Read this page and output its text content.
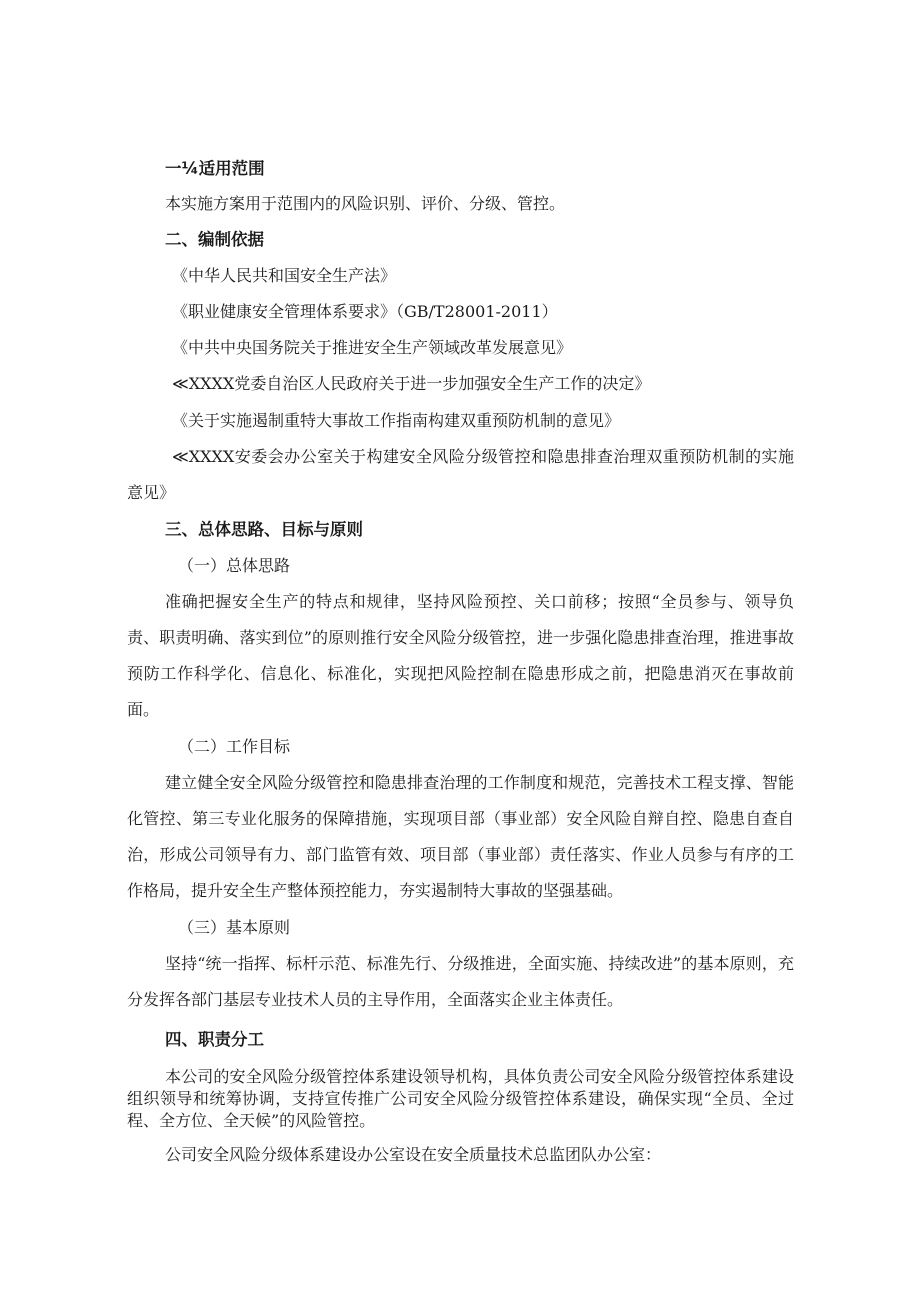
一¼适用范围

本实施方案用于范围内的风险识别、评价、分级、管控。

二、编制依据

《中华人民共和国安全生产法》

《职业健康安全管理体系要求》（GB/T28001-2011）

《中共中央国务院关于推进安全生产领域改革发展意见》

≪XXXX党委自治区人民政府关于进一步加强安全生产工作的决定》

《关于实施遏制重特大事故工作指南构建双重预防机制的意见》

≪XXXX安委会办公室关于构建安全风险分级管控和隐患排查治理双重预防机制的实施意见》

三、总体思路、目标与原则

（一）总体思路

准确把握安全生产的特点和规律，坚持风险预控、关口前移；按照“全员参与、领导负责、职责明确、落实到位”的原则推行安全风险分级管控，进一步强化隐患排查治理，推进事故预防工作科学化、信息化、标准化，实现把风险控制在隐患形成之前，把隐患消灭在事故前面。

（二）工作目标

建立健全安全风险分级管控和隐患排查治理的工作制度和规范，完善技术工程支撑、智能化管控、第三专业化服务的保障措施，实现项目部（事业部）安全风险自辩自控、隐患自查自治，形成公司领导有力、部门监管有效、项目部（事业部）责任落实、作业人员参与有序的工作格局，提升安全生产整体预控能力，夯实遏制特大事故的坚强基础。

（三）基本原则

坚持“统一指挥、标杆示范、标准先行、分级推进，全面实施、持续改进”的基本原则，充分发挥各部门基层专业技术人员的主导作用，全面落实企业主体责任。

四、职责分工

本公司的安全风险分级管控体系建设领导机构，具体负责公司安全风险分级管控体系建设组织领导和统筹协调，支持宣传推广公司安全风险分级管控体系建设，确保实现“全员、全过程、全方位、全天候”的风险管控。

公司安全风险分级体系建设办公室设在安全质量技术总监团队办公室：
